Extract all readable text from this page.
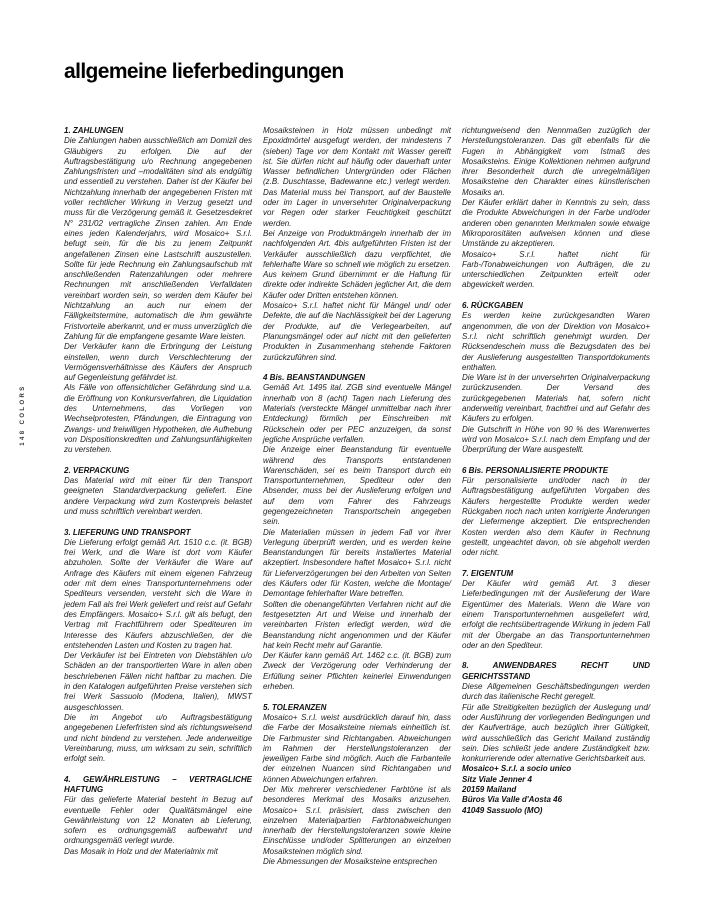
allgemeine lieferbedingungen
148 COLORS
1. ZAHLUNGEN

Die Zahlungen haben ausschließlich am Domizil des Gläubigers zu erfolgen. Die auf der Auftragsbestätigung u/o Rechnung angegebenen Zahlungsfristen und –modalitäten sind als endgültig und essentiell zu verstehen. Daher ist der Käufer bei Nichtzahlung innerhalb der angegebenen Fristen mit voller rechtlicher Wirkung in Verzug gesetzt und muss für die Verzögerung gemäß it. Gesetzesdekret N° 231/02 vertragliche Zinsen zahlen. Am Ende eines jeden Kalenderjahrs, wird Mosaico+ S.r.l. befugt sein, für die bis zu jenem Zeitpunkt angefallenen Zinsen eine Lastschrift auszustellen. Sollte für jede Rechnung ein Zahlungsaufschub mit anschließenden Ratenzahlungen oder mehrere Rechnungen mit anschließenden Verfalldaten vereinbart worden sein, so werden dem Käufer bei Nichtzahlung an auch nur einem der Fälligkeitstermine, automatisch die ihm gewährte Fristvorteile aberkannt, und er muss unverzüglich die Zahlung für die empfangene gesamte Ware leisten.

Der Verkäufer kann die Erbringung der Leistung einstellen, wenn durch Verschlechterung der Vermögensverhältnisse des Käufers der Anspruch auf Gegenleistung gefährdet ist.

Als Fälle von offensichtlicher Gefährdung sind u.a. die Eröffnung von Konkursverfahren, die Liquidation des Unternehmens, das Vorliegen von Wechselprotesten, Pfändungen, die Eintragung von Zwangs- und freiwilligen Hypotheken, die Aufhebung von Dispositionskrediten und Zahlungsunfähigkeiten zu verstehen.

2. VERPACKUNG

Das Material wird mit einer für den Transport geeigneten Standardverpackung geliefert. Eine andere Verpackung wird zum Kostenpreis belastet und muss schriftlich vereinbart werden.

3. LIEFERUNG UND TRANSPORT

Die Lieferung erfolgt gemäß Art. 1510 c.c. (it. BGB) frei Werk, und die Ware ist dort vom Käufer abzuholen. Sollte der Verkäufer die Ware auf Anfrage des Käufers mit einem eigenen Fahrzeug oder mit dem eines Transportunternehmens oder Spediteurs versenden, versteht sich die Ware in jedem Fall als frei Werk geliefert und reist auf Gefahr des Empfängers. Mosaico+ S.r.l. gilt als befugt, den Vertrag mit Frachtführern oder Spediteuren im Interesse des Käufers abzuschließen, der die entstehenden Lasten und Kosten zu tragen hat.

Der Verkäufer ist bei Eintreten von Diebstählen u/o Schäden an der transportierten Ware in allen oben beschriebenen Fällen nicht haftbar zu machen. Die in den Katalogen aufgeführten Preise verstehen sich frei Werk Sassuolo (Modena, Italien), MWST ausgeschlossen.

Die im Angebot u/o Auftragsbestätigung angegebenen Lieferfristen sind als richtungsweisend und nicht bindend zu verstehen. Jede anderweitige Vereinbarung, muss, um wirksam zu sein, schriftlich erfolgt sein.

4. GEWÄHRLEISTUNG – VERTRAGLICHE HAFTUNG

Für das gelieferte Material besteht in Bezug auf eventuelle Fehler oder Qualitätsmängel eine Gewährleistung von 12 Monaten ab Lieferung, sofern es ordnungsgemäß aufbewahrt und ordnungsgemäß verlegt wurde.

Das Mosaik in Holz und der Materialmix mit

Mosaiksteinen in Holz müssen unbedingt mit Epoxidmörtel ausgefugt werden, der mindestens 7 (sieben) Tage vor dem Kontakt mit Wasser gereift ist. Sie dürfen nicht auf häufig oder dauerhaft unter Wasser befindlichen Untergründen oder Flächen (z.B. Duschtasse, Badewanne etc.) verlegt werden. Das Material muss bei Transport, auf der Baustelle oder im Lager in unversehrter Originalverpackung vor Regen oder starker Feuchtigkeit geschützt werden.

Bei Anzeige von Produktmängeln innerhalb der im nachfolgenden Art. 4bis aufgeführten Fristen ist der Verkäufer ausschließlich dazu verpflichtet, die fehlerhafte Ware so schnell wie möglich zu ersetzen. Aus keinem Grund übernimmt er die Haftung für direkte oder indirekte Schäden jeglicher Art, die dem Käufer oder Dritten entstehen können.

Mosaico+ S.r.l. haftet nicht für Mängel und/ oder Defekte, die auf die Nachlässigkeit bei der Lagerung der Produkte, auf die Verlegearbeiten, auf Planungsmängel oder auf nicht mit den gelieferten Produkten in Zusammenhang stehende Faktoren zurückzuführen sind.

4 Bis. BEANSTANDUNGEN

Gemäß Art. 1495 ital. ZGB sind eventuelle Mängel innerhalb von 8 (acht) Tagen nach Lieferung des Materials (versteckte Mängel unmittelbar nach ihrer Entdeckung) förmlich per Einschreiben mit Rückschein oder per PEC anzuzeigen, da sonst jegliche Ansprüche verfallen.

Die Anzeige einer Beanstandung für eventuelle während des Transports entstandenen Warenschäden, sei es beim Transport durch ein Transportunternehmen, Spediteur oder den Absender, muss bei der Auslieferung erfolgen und auf dem vom Fahrer des Fahrzeugs gegengezeichneten Transportschein angegeben sein.

Die Materialien müssen in jedem Fall vor ihrer Verlegung überprüft werden, und es werden keine Beanstandungen für bereits installiertes Material akzeptiert. Insbesondere haftet Mosaico+ S.r.l. nicht für Lieferverzögerungen bei den Arbeiten von Seiten des Käufers oder für Kosten, welche die Montage/ Demontage fehlerhafter Ware betreffen.

Sollten die obenangeführten Verfahren nicht auf die festgesetzten Art und Weise und innerhalb der vereinbarten Fristen erledigt werden, wird die Beanstandung nicht angenommen und der Käufer hat kein Recht mehr auf Garantie.

Der Käufer kann gemäß Art. 1462 c.c. (it. BGB) zum Zweck der Verzögerung oder Verhinderung der Erfüllung seiner Pflichten keinerlei Einwendungen erheben.

5. TOLERANZEN

Mosaico+ S.r.l. weist ausdrücklich darauf hin, dass die Farbe der Mosaiksteine niemals einheitlich ist. Die Farbmuster sind Richtangaben. Abweichungen im Rahmen der Herstellungstoleranzen der jeweiligen Farbe sind möglich. Auch die Farbanteile der einzelnen Nuancen sind Richtangaben und können Abweichungen erfahren.

Der Mix mehrerer verschiedener Farbtöne ist als besonderes Merkmal des Mosaiks anzusehen. Mosaico+ S.r.l. präsisiert, dass zwischen den einzelnen Materialpartien Farbtonabweichungen innerhalb der Herstellungstoleranzen sowie kleine Einschlüsse und/oder Splitterungen an einzelnen Mosaiksteinen möglich sind.

Die Abmessungen der Mosaiksteine entsprechen

richtungweisend den Nennmaßen zuzüglich der Herstellungstoleranzen. Das gilt ebenfalls für die Fugen in Abhängigkeit vom Istmaß des Mosaiksteins. Einige Kollektionen nehmen aufgrund ihrer Besonderheit durch die unregelmäßigen Mosaiksteine den Charakter eines künstlerischen Mosaiks an.

Der Käufer erklärt daher in Kenntnis zu sein, dass die Produkte Abweichungen in der Farbe und/oder anderen oben genannten Merkmalen sowie etwaige Mikroporositäten aufweisen können und diese Umstände zu akzeptieren.

Mosaico+ S.r.l. haftet nicht für Farb-/Tonabweichungen von Aufträgen, die zu unterschiedlichen Zeitpunkten erteilt oder abgewickelt werden.

6. RÜCKGABEN

Es werden keine zurückgesandten Waren angenommen, die von der Direktion von Mosaico+ S.r.l. nicht schriftlich genehmigt wurden. Der Rücksendeschein muss die Bezugsdaten des bei der Auslieferung ausgestellten Transportdokuments enthalten.

Die Ware ist in der unversehrten Originalverpackung zurückzusenden. Der Versand des zurückgegebenen Materials hat, sofern nicht anderweitig vereinbart, frachtfrei und auf Gefahr des Käufers zu erfolgen.

Die Gutschrift in Höhe von 90 % des Warenwertes wird von Mosaico+ S.r.l. nach dem Empfang und der Überprüfung der Ware ausgestellt.

6 Bis. PERSONALISIERTE PRODUKTE

Für personalisierte und/oder nach in der Auftragsbestätigung aufgeführten Vorgaben des Käufers hergestellte Produkte werden weder Rückgaben noch nach unten korrigierte Änderungen der Liefermenge akzeptiert. Die entsprechenden Kosten werden also dem Käufer in Rechnung gestellt, ungeachtet davon, ob sie abgeholt werden oder nicht.

7. EIGENTUM

Der Käufer wird gemäß Art. 3 dieser Lieferbedingungen mit der Auslieferung der Ware Eigentümer des Materials. Wenn die Ware von einem Transportunternehmen ausgeliefert wird, erfolgt die rechtsübertragende Wirkung in jedem Fall mit der Übergabe an das Transportunternehmen oder an den Spediteur.

8. ANWENDBARES RECHT UND GERICHTSSTAND

Diese Allgemeinen Geschäftsbedingungen werden durch das italienische Recht geregelt.

Für alle Streitigkeiten bezüglich der Auslegung und/ oder Ausführung der vorliegenden Bedingungen und der Kaufverträge, auch bezüglich ihrer Gültigkeit, wird ausschließlich das Gericht Mailand zuständig sein. Dies schließt jede andere Zuständigkeit bzw. konkurrierende oder alternative Gerichtsbarkeit aus.

Mosaico+ S.r.l. a socio unico

Sitz Viale Jenner 4

20159 Mailand

Büros Via Valle d'Aosta 46

41049 Sassuolo (MO)
